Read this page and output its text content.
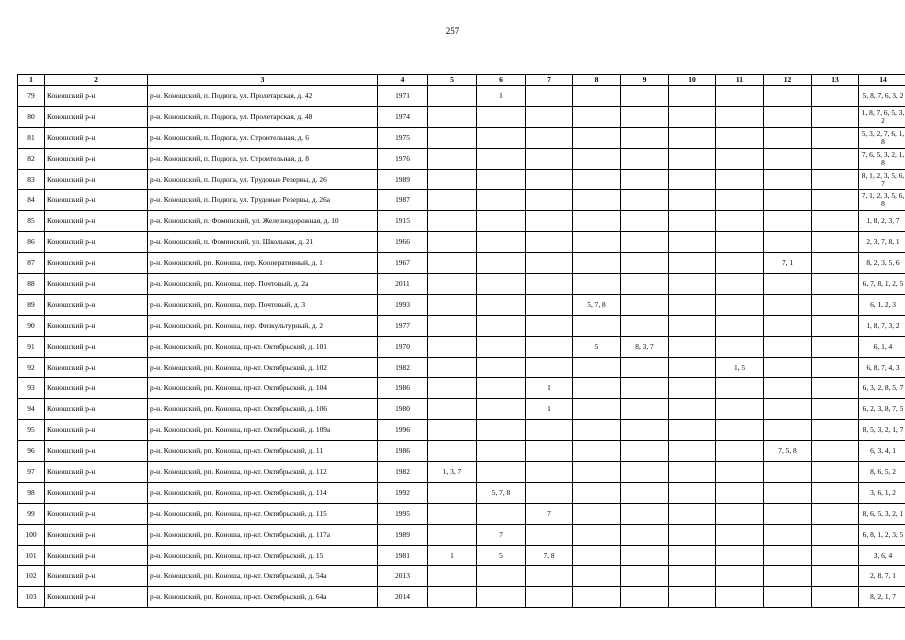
257
1	2	3	4	5	6	7	8	9	10	11	12	13	14
79	Коношский р-н	р-н. Коношский, п. Подюга, ул. Пролетарская, д. 42	1971		1								5, 8, 7, 6, 3, 2
80	Коношский р-н	р-н. Коношский, п. Подюга, ул. Пролетарская, д. 48	1974										1, 8, 7, 6, 5, 3, 2
81	Коношский р-н	р-н. Коношский, п. Подюга, ул. Строительная, д. 6	1975										5, 3, 2, 7, 6, 1, 8
82	Коношский р-н	р-н. Коношский, п. Подюга, ул. Строительная, д. 8	1976										7, 6, 5, 3, 2, 1, 8
83	Коношский р-н	р-н. Коношский, п. Подюга, ул. Трудовые Резервы, д. 26	1989										8, 1, 2, 3, 5, 6, 7
84	Коношский р-н	р-н. Коношский, п. Подюга, ул. Трудовые Резервы, д. 26а	1987										7, 1, 2, 3, 5, 6, 8
85	Коношский р-н	р-н. Коношский, п. Фоминский, ул. Железнодорожная, д. 10	1915										1, 8, 2, 3, 7
86	Коношский р-н	р-н. Коношский, п. Фоминский, ул. Школьная, д. 21	1966										2, 3, 7, 8, 1
87	Коношский р-н	р-н. Коношский, рп. Коноша, пер. Кооперативный, д. 1	1967								7, 1		8, 2, 3, 5, 6
88	Коношский р-н	р-н. Коношский, рп. Коноша, пер. Почтовый, д. 2а	2011										6, 7, 8, 1, 2, 5
89	Коношский р-н	р-н. Коношский, рп. Коноша, пер. Почтовый, д. 3	1993				5, 7, 8						6, 1, 2, 3
90	Коношский р-н	р-н. Коношский, рп. Коноша, пер. Физкультурный, д. 2	1977										1, 8, 7, 3, 2
91	Коношский р-н	р-н. Коношский, рп. Коноша, пр-кт. Октябрьский, д. 101	1970				5	8, 3, 7					6, 1, 4
92	Коношский р-н	р-н. Коношский, рп. Коноша, пр-кт. Октябрьский, д. 102	1982							1, 5			6, 8, 7, 4, 3
93	Коношский р-н	р-н. Коношский, рп. Коноша, пр-кт. Октябрьский, д. 104	1986			1							6, 3, 2, 8, 5, 7
94	Коношский р-н	р-н. Коношский, рп. Коноша, пр-кт. Октябрьский, д. 106	1980			1							6, 2, 3, 8, 7, 5
95	Коношский р-н	р-н. Коношский, рп. Коноша, пр-кт. Октябрьский, д. 109а	1996										8, 5, 3, 2, 1, 7
96	Коношский р-н	р-н. Коношский, рп. Коноша, пр-кт. Октябрьский, д. 11	1986								7, 5, 8		6, 3, 4, 1
97	Коношский р-н	р-н. Коношский, рп. Коноша, пр-кт. Октябрьский, д. 112	1982	1, 3, 7									8, 6, 5, 2
98	Коношский р-н	р-н. Коношский, рп. Коноша, пр-кт. Октябрьский, д. 114	1992		5, 7, 8								3, 6, 1, 2
99	Коношский р-н	р-н. Коношский, рп. Коноша, пр-кт. Октябрьский, д. 115	1995			7							8, 6, 5, 3, 2, 1
100	Коношский р-н	р-н. Коношский, рп. Коноша, пр-кт. Октябрьский, д. 117а	1989		7								6, 8, 1, 2, 3, 5
101	Коношский р-н	р-н. Коношский, рп. Коноша, пр-кт. Октябрьский, д. 15	1981	1	5	7, 8							3, 6, 4
102	Коношский р-н	р-н. Коношский, рп. Коноша, пр-кт. Октябрьский, д. 54а	2013										2, 8, 7, 1
103	Коношский р-н	р-н. Коношский, рп. Коноша, пр-кт. Октябрьский, д. 64а	2014										8, 2, 1, 7
